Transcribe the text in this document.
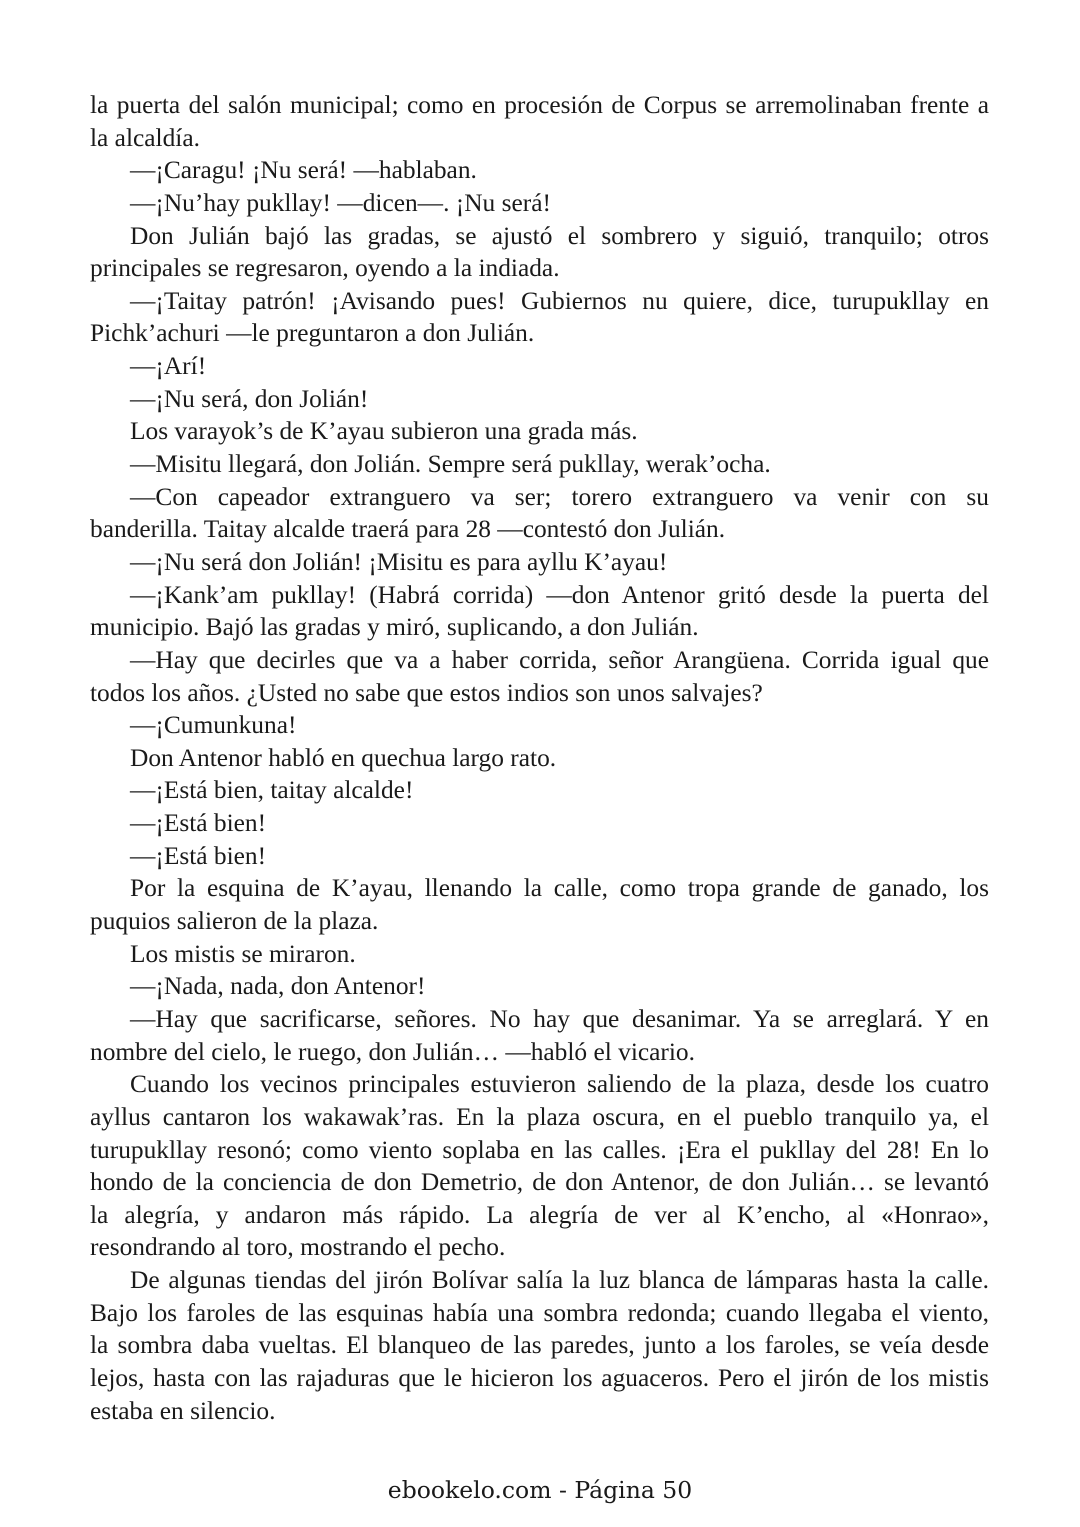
la puerta del salón municipal; como en procesión de Corpus se arremolinaban frente a
la alcaldía.
—¡Caragu! ¡Nu será! —hablaban.
—¡Nu’hay pukllay! —dicen—. ¡Nu será!
Don Julián bajó las gradas, se ajustó el sombrero y siguió, tranquilo; otros
principales se regresaron, oyendo a la indiada.
—¡Taitay patrón! ¡Avisando pues! Gubiernos nu quiere, dice, turupukllay en
Pichk’achuri —le preguntaron a don Julián.
—¡Arí!
—¡Nu será, don Jolián!
Los varayok’s de K’ayau subieron una grada más.
—Misitu llegará, don Jolián. Sempre será pukllay, werak’ocha.
—Con capeador extranguero va ser; torero extranguero va venir con su
banderilla. Taitay alcalde traerá para 28 —contestó don Julián.
—¡Nu será don Jolián! ¡Misitu es para ayllu K’ayau!
—¡Kank’am pukllay! (Habrá corrida) —don Antenor gritó desde la puerta del
municipio. Bajó las gradas y miró, suplicando, a don Julián.
—Hay que decirles que va a haber corrida, señor Arangüena. Corrida igual que
todos los años. ¿Usted no sabe que estos indios son unos salvajes?
—¡Cumunkuna!
Don Antenor habló en quechua largo rato.
—¡Está bien, taitay alcalde!
—¡Está bien!
—¡Está bien!
Por la esquina de K’ayau, llenando la calle, como tropa grande de ganado, los
puquios salieron de la plaza.
Los mistis se miraron.
—¡Nada, nada, don Antenor!
—Hay que sacrificarse, señores. No hay que desanimar. Ya se arreglará. Y en
nombre del cielo, le ruego, don Julián… —habló el vicario.
Cuando los vecinos principales estuvieron saliendo de la plaza, desde los cuatro
ayllus cantaron los wakawak’ras. En la plaza oscura, en el pueblo tranquilo ya, el
turupukllay resonó; como viento soplaba en las calles. ¡Era el pukllay del 28! En lo
hondo de la conciencia de don Demetrio, de don Antenor, de don Julián… se levantó
la alegría, y andaron más rápido. La alegría de ver al K’encho, al «Honrao»,
resondrando al toro, mostrando el pecho.
De algunas tiendas del jirón Bolívar salía la luz blanca de lámparas hasta la calle.
Bajo los faroles de las esquinas había una sombra redonda; cuando llegaba el viento,
la sombra daba vueltas. El blanqueo de las paredes, junto a los faroles, se veía desde
lejos, hasta con las rajaduras que le hicieron los aguaceros. Pero el jirón de los mistis
estaba en silencio.
ebookelo.com - Página 50
